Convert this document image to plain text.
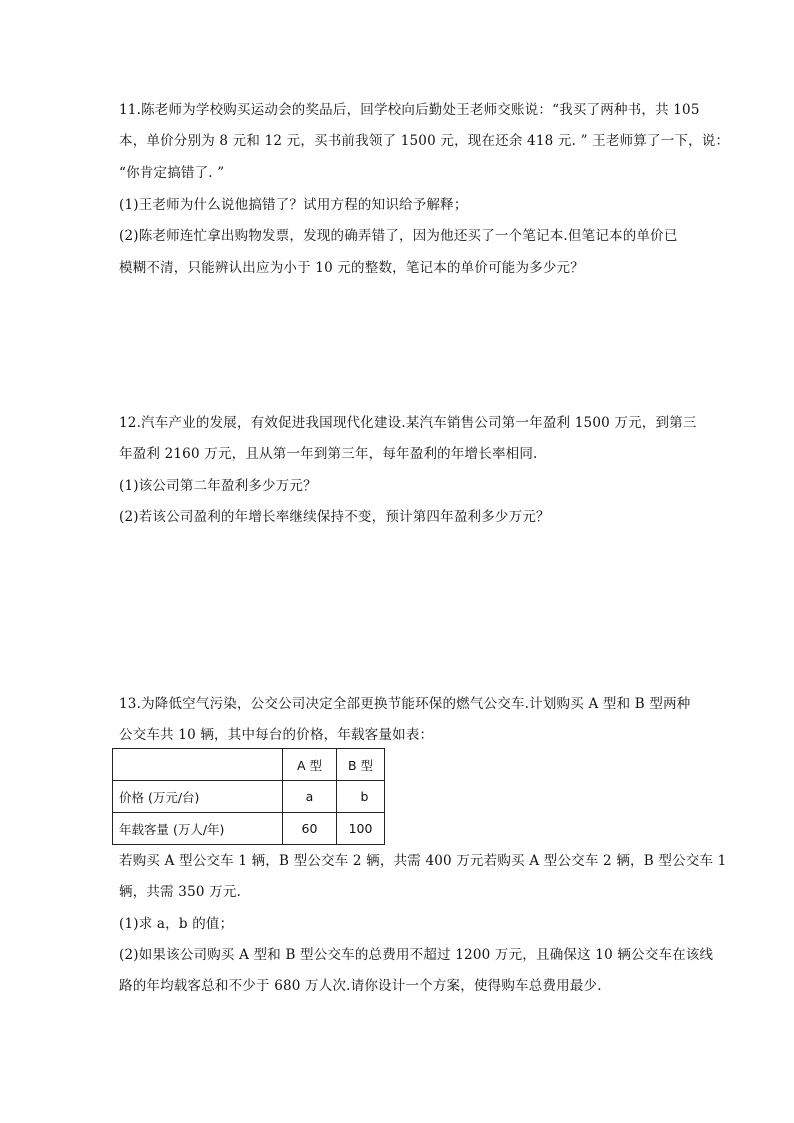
11.陈老师为学校购买运动会的奖品后，回学校向后勤处王老师交账说：“我买了两种书，共 105
本，单价分别为 8 元和 12 元，买书前我领了 1500 元，现在还余 418 元. ” 王老师算了一下，说：
“你肯定搞错了. ”
(1)王老师为什么说他搞错了？试用方程的知识给予解释；
(2)陈老师连忙拿出购物发票，发现的确弄错了，因为他还买了一个笔记本.但笔记本的单价已
模糊不清，只能辨认出应为小于 10 元的整数，笔记本的单价可能为多少元？
12.汽车产业的发展，有效促进我国现代化建设.某汽车销售公司第一年盈利 1500 万元，到第三
年盈利 2160 万元，且从第一年到第三年，每年盈利的年增长率相同.
(1)该公司第二年盈利多少万元？
(2)若该公司盈利的年增长率继续保持不变，预计第四年盈利多少万元？
13.为降低空气污染，公交公司决定全部更换节能环保的燃气公交车.计划购买 A 型和 B 型两种
公交车共 10 辆，其中每台的价格，年载客量如表：
	A 型	B 型
价格 (万元/台)	a	b
年载客量 (万人/年)	60	100
若购买 A 型公交车 1 辆，B 型公交车 2 辆，共需 400 万元若购买 A 型公交车 2 辆，B 型公交车 1
辆，共需 350 万元.
(1)求 a，b 的值；
(2)如果该公司购买 A 型和 B 型公交车的总费用不超过 1200 万元，且确保这 10 辆公交车在该线
路的年均载客总和不少于 680 万人次.请你设计一个方案，使得购车总费用最少.
